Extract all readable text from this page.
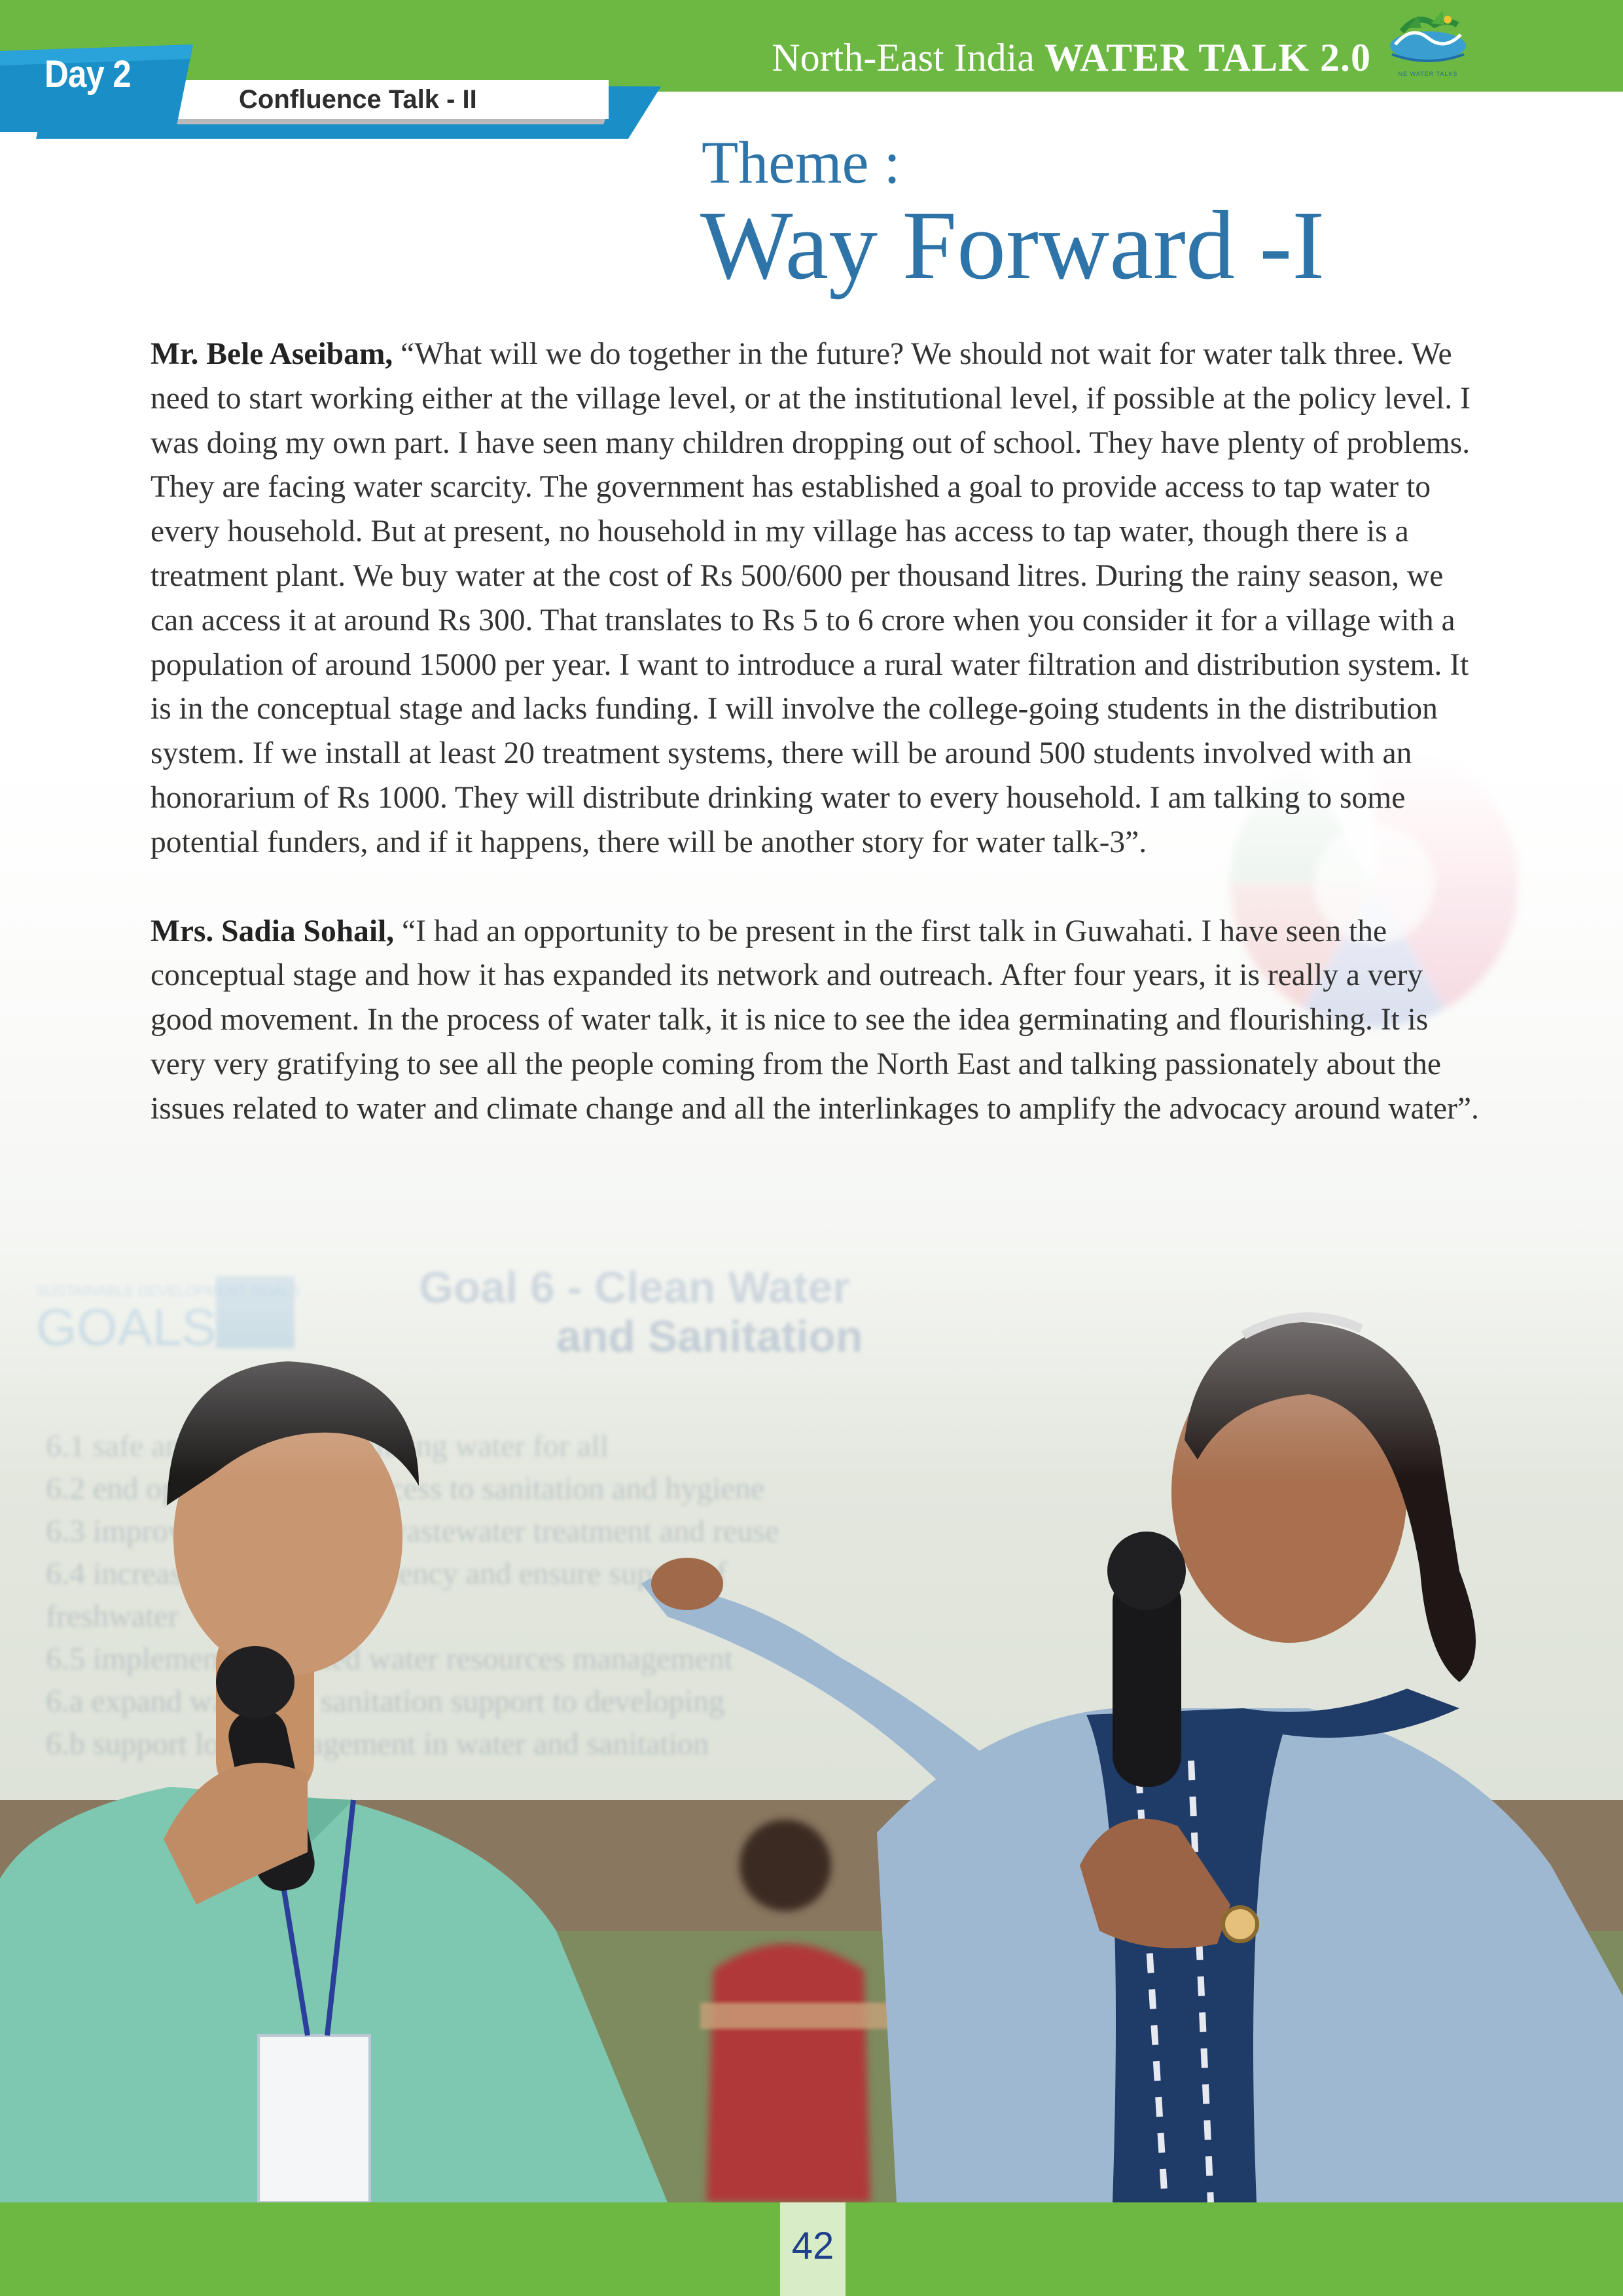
North-East India WATER TALK 2.0	NE WATER TALKS
Day 2
Confluence Talk - II
Theme :
Way Forward -I

Mr. Bele Aseibam, “What will we do together in the future? We should not wait for water talk three. We need to start working either at the village level, or at the institutional level, if possible at the policy level. I was doing my own part. I have seen many children dropping out of school. They have plenty of problems. They are facing water scarcity. The government has established a goal to provide access to tap water to every household. But at present, no household in my village has access to tap water, though there is a treatment plant. We buy water at the cost of Rs 500/600 per thousand litres. During the rainy season, we can access it at around Rs 300. That translates to Rs 5 to 6 crore when you consider it for a village with a population of around 15000 per year. I want to introduce a rural water filtration and distribution system. It is in the conceptual stage and lacks funding. I will involve the college-going students in the distribution system. If we install at least 20 treatment systems, there will be around 500 students involved with an honorarium of Rs 1000. They will distribute drinking water to every household. I am talking to some potential funders, and if it happens, there will be another story for water talk-3”.

Mrs. Sadia Sohail, “I had an opportunity to be present in the first talk in Guwahati. I have seen the conceptual stage and how it has expanded its network and outreach. After four years, it is really a very good movement. In the process of water talk, it is nice to see the idea germinating and flourishing. It is very very gratifying to see all the people coming from the North East and talking passionately about the issues related to water and climate change and all the interlinkages to amplify the advocacy around water”.

42
